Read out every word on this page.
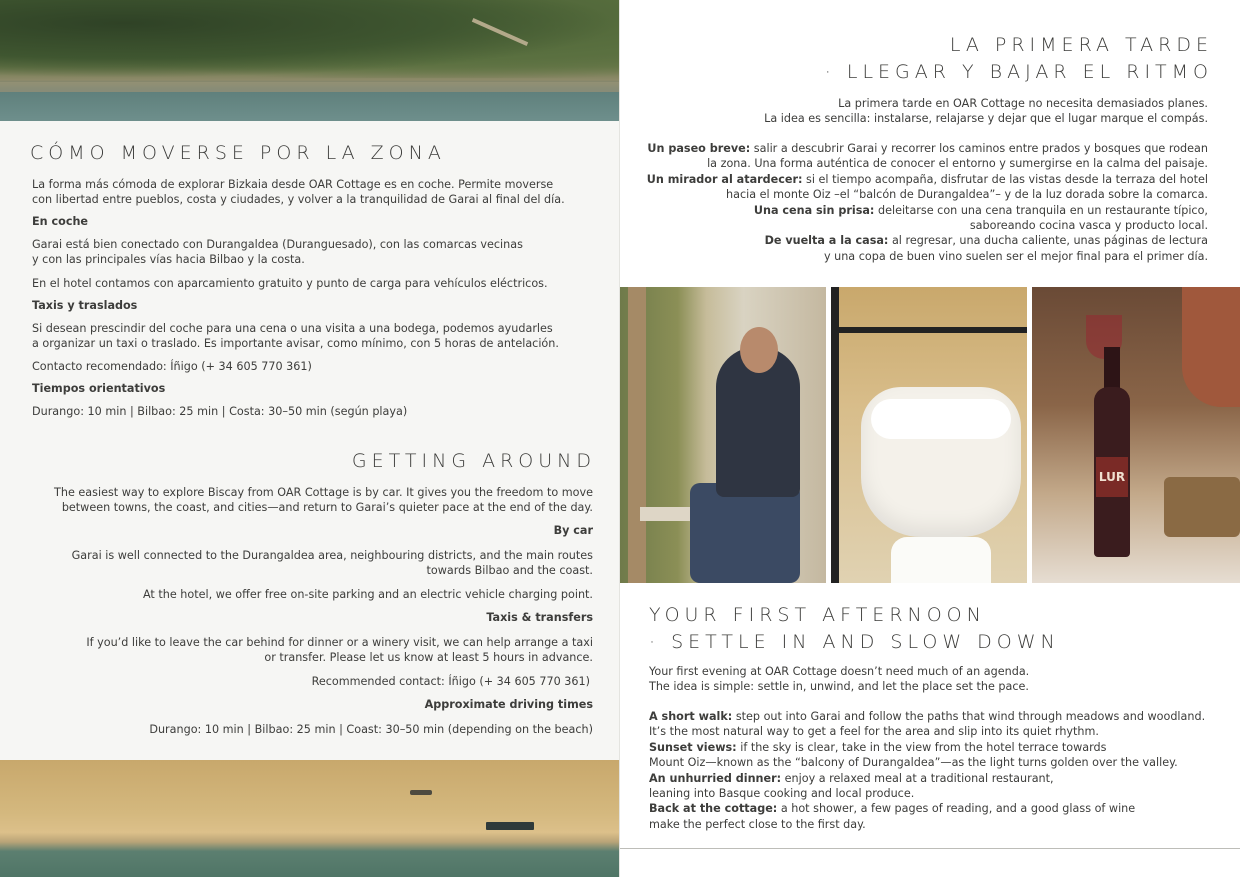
CÓMO MOVERSE POR LA ZONA
La forma más cómoda de explorar Bizkaia desde OAR Cottage es en coche. Permite moverse
con libertad entre pueblos, costa y ciudades, y volver a la tranquilidad de Garai al final del día.
En coche
Garai está bien conectado con Durangaldea (Duranguesado), con las comarcas vecinas
y con las principales vías hacia Bilbao y la costa.
En el hotel contamos con aparcamiento gratuito y punto de carga para vehículos eléctricos.
Taxis y traslados
Si desean prescindir del coche para una cena o una visita a una bodega, podemos ayudarles
a organizar un taxi o traslado. Es importante avisar, como mínimo, con 5 horas de antelación.
Contacto recomendado: Íñigo (+ 34 605 770 361)
Tiempos orientativos
Durango: 10 min | Bilbao: 25 min | Costa: 30–50 min (según playa)
GETTING AROUND
The easiest way to explore Biscay from OAR Cottage is by car. It gives you the freedom to move
between towns, the coast, and cities—and return to Garai’s quieter pace at the end of the day.
By car
Garai is well connected to the Durangaldea area, neighbouring districts, and the main routes
towards Bilbao and the coast.
At the hotel, we offer free on-site parking and an electric vehicle charging point.
Taxis & transfers
If you’d like to leave the car behind for dinner or a winery visit, we can help arrange a taxi
or transfer. Please let us know at least 5 hours in advance.
Recommended contact: Íñigo (+ 34 605 770 361)
Approximate driving times
Durango: 10 min | Bilbao: 25 min | Coast: 30–50 min (depending on the beach)
LA PRIMERA TARDE
· LLEGAR Y BAJAR EL RITMO
La primera tarde en OAR Cottage no necesita demasiados planes.
La idea es sencilla: instalarse, relajarse y dejar que el lugar marque el compás.
Un paseo breve: salir a descubrir Garai y recorrer los caminos entre prados y bosques que rodean
la zona. Una forma auténtica de conocer el entorno y sumergirse en la calma del paisaje.
Un mirador al atardecer: si el tiempo acompaña, disfrutar de las vistas desde la terraza del hotel
hacia el monte Oiz –el “balcón de Durangaldea”– y de la luz dorada sobre la comarca.
Una cena sin prisa: deleitarse con una cena tranquila en un restaurante típico,
saboreando cocina vasca y producto local.
De vuelta a la casa: al regresar, una ducha caliente, unas páginas de lectura
y una copa de buen vino suelen ser el mejor final para el primer día.
LUR
YOUR FIRST AFTERNOON
· SETTLE IN AND SLOW DOWN
Your first evening at OAR Cottage doesn’t need much of an agenda.
The idea is simple: settle in, unwind, and let the place set the pace.
A short walk: step out into Garai and follow the paths that wind through meadows and woodland.
It’s the most natural way to get a feel for the area and slip into its quiet rhythm.
Sunset views: if the sky is clear, take in the view from the hotel terrace towards
Mount Oiz—known as the “balcony of Durangaldea”—as the light turns golden over the valley.
An unhurried dinner: enjoy a relaxed meal at a traditional restaurant,
leaning into Basque cooking and local produce.
Back at the cottage: a hot shower, a few pages of reading, and a good glass of wine
make the perfect close to the first day.
